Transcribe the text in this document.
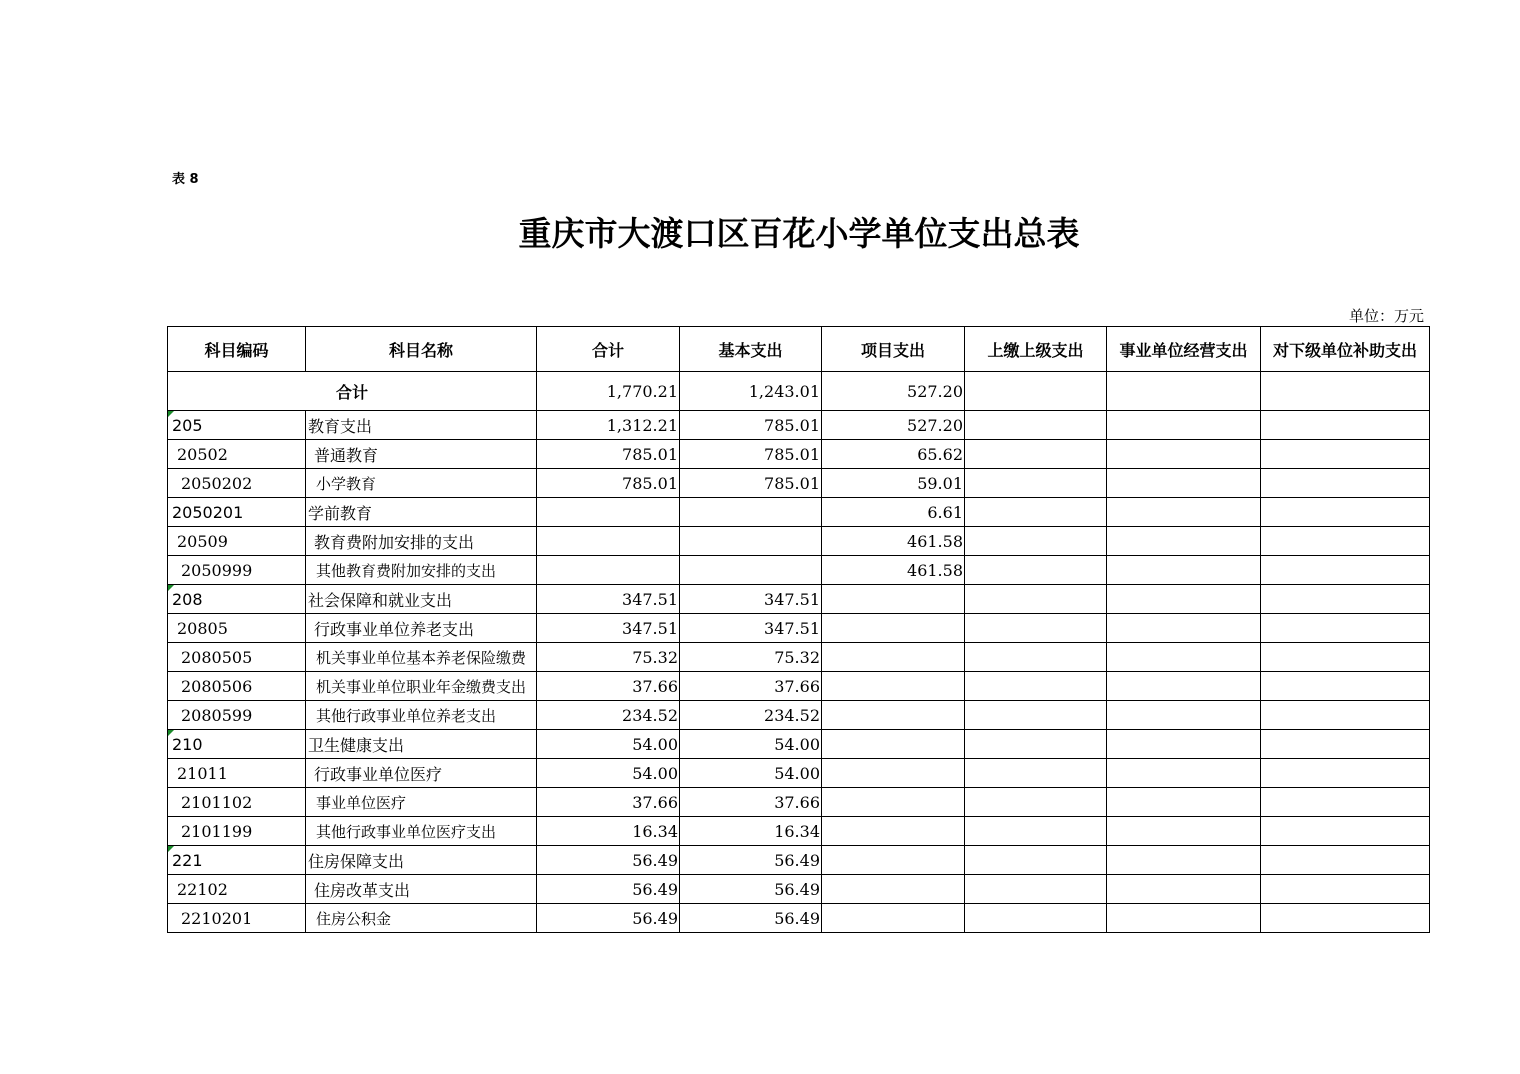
表 8
重庆市大渡口区百花小学单位支出总表
单位：万元
科目编码	科目名称	合计	基本支出	项目支出	上缴上级支出	事业单位经营支出	对下级单位补助支出
合计		1,770.21	1,243.01	527.20			

205	教育支出	1,312.21	785.01	527.20			
20502	普通教育	785.01	785.01	65.62			
2050202	小学教育	785.01	785.01	59.01			
2050201	学前教育			6.61			
20509	教育费附加安排的支出			461.58			
2050999	其他教育费附加安排的支出			461.58			

208	社会保障和就业支出	347.51	347.51				
20805	行政事业单位养老支出	347.51	347.51				
2080505	机关事业单位基本养老保险缴费	75.32	75.32				
2080506	机关事业单位职业年金缴费支出	37.66	37.66				
2080599	其他行政事业单位养老支出	234.52	234.52				

210	卫生健康支出	54.00	54.00				
21011	行政事业单位医疗	54.00	54.00				
2101102	事业单位医疗	37.66	37.66				
2101199	其他行政事业单位医疗支出	16.34	16.34				

221	住房保障支出	56.49	56.49				
22102	住房改革支出	56.49	56.49				
2210201	住房公积金	56.49	56.49				
